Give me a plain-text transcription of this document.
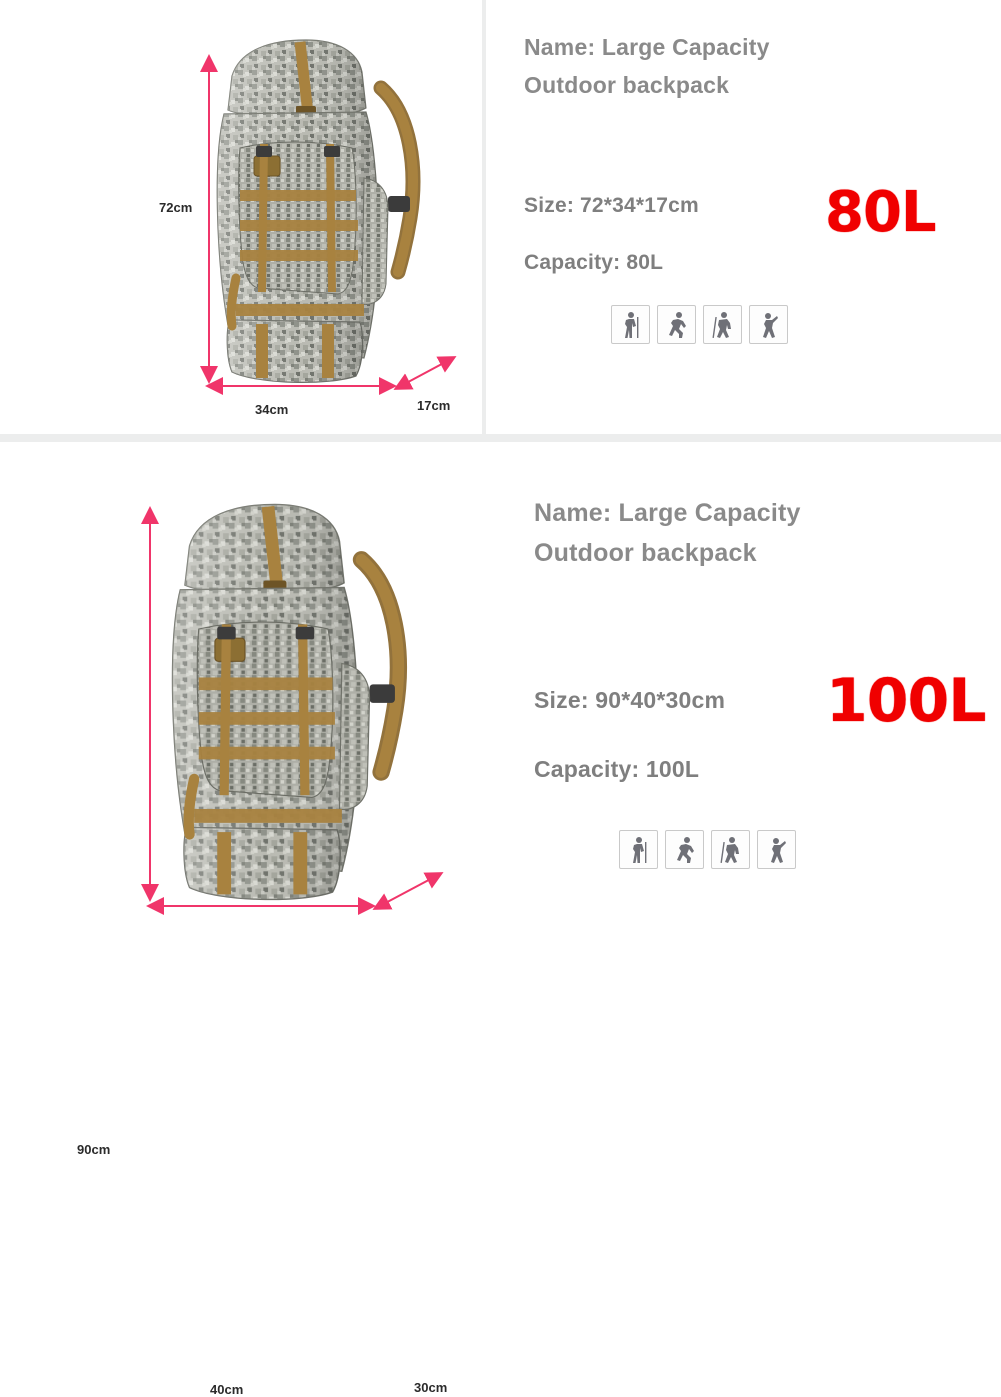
72cm
34cm	17cm
Name: Large Capacity
Outdoor backpack
Size: 72*34*17cm
Capacity: 80L
80L
90cm
40cm	30cm
Name: Large Capacity
Outdoor backpack
Size: 90*40*30cm
Capacity: 100L
100L
